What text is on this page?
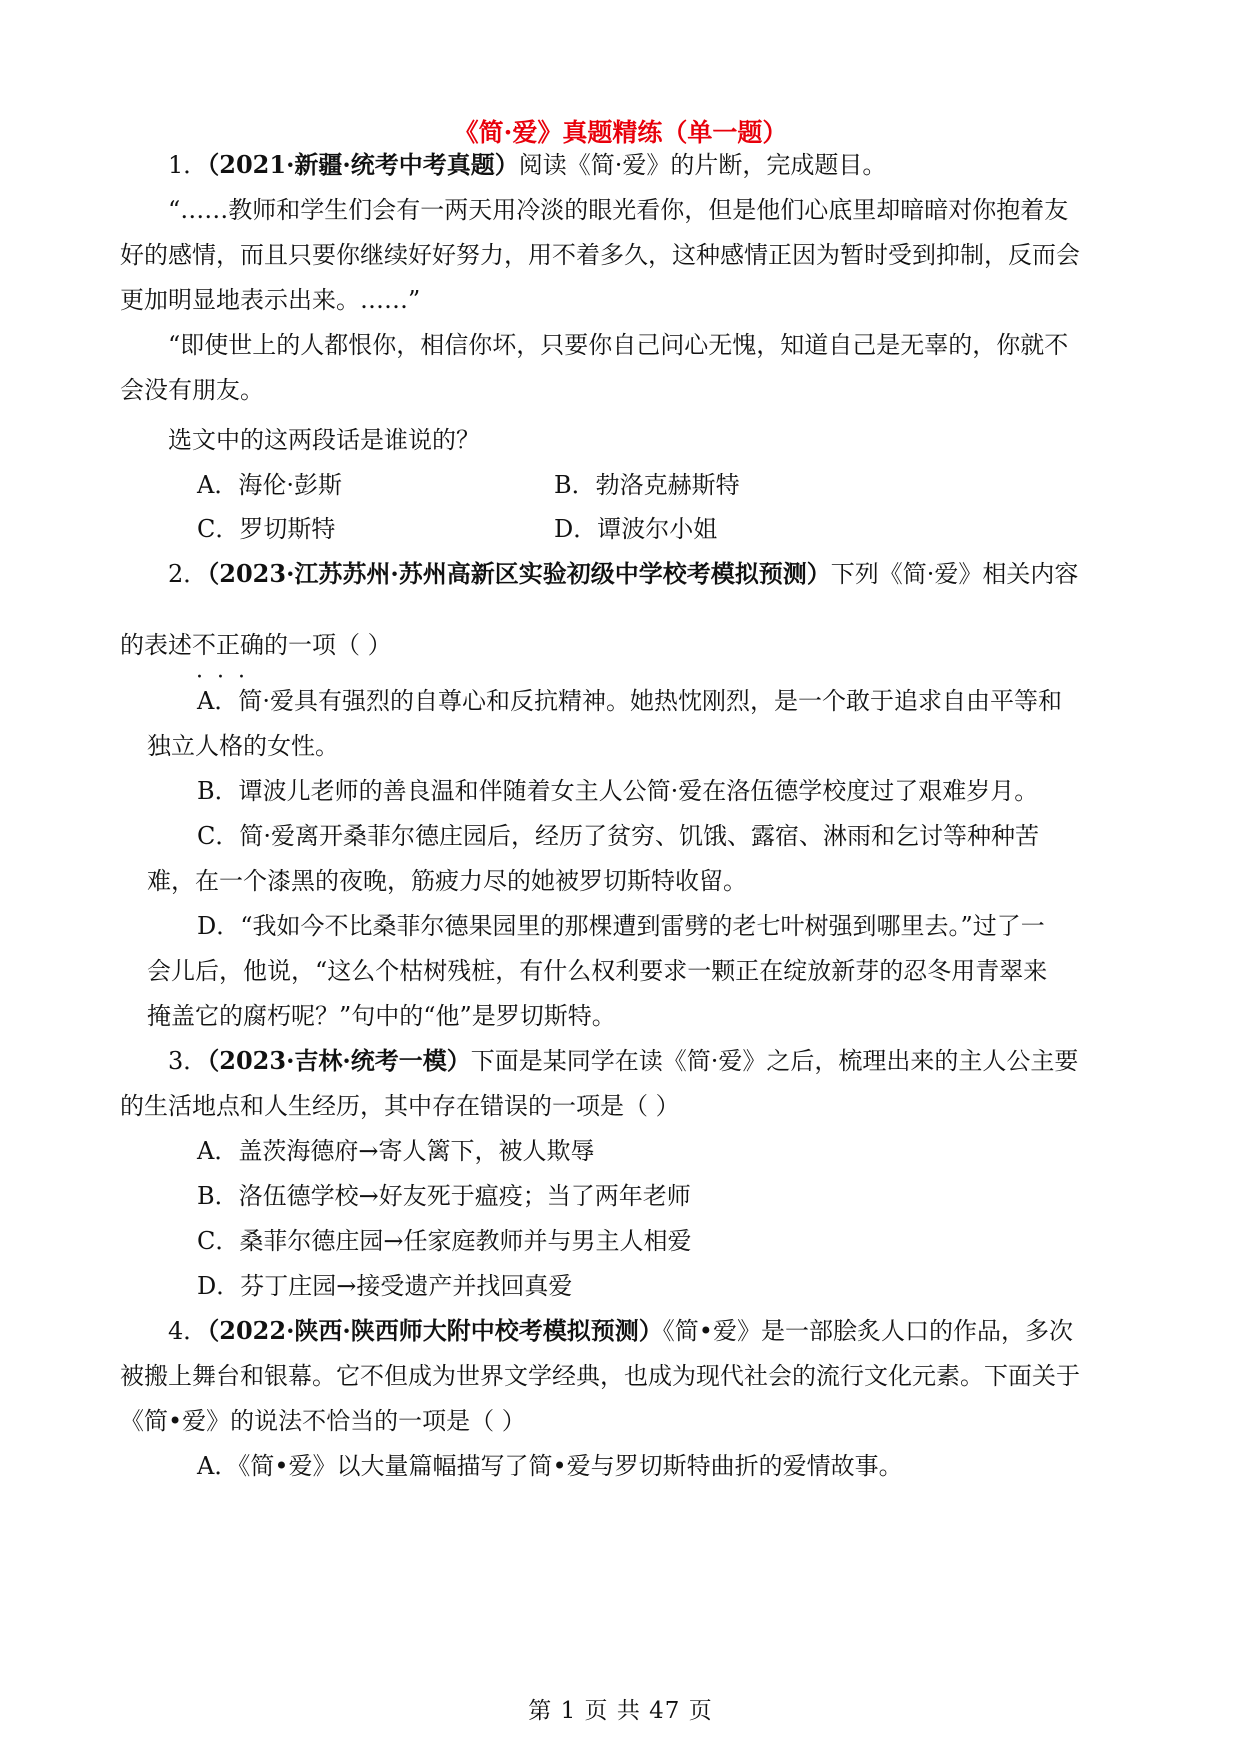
《简·爱》真题精练（单一题）
1．（2021·新疆·统考中考真题）阅读《简·爱》的片断，完成题目。
“……教师和学生们会有一两天用冷淡的眼光看你，但是他们心底里却暗暗对你抱着友
好的感情，而且只要你继续好好努力，用不着多久，这种感情正因为暂时受到抑制，反而会
更加明显地表示出来。……”
“即使世上的人都恨你，相信你坏，只要你自己问心无愧，知道自己是无辜的，你就不
会没有朋友。
选文中的这两段话是谁说的？
A．海伦·彭斯	B．勃洛克赫斯特
C．罗切斯特	D．谭波尔小姐
2．（2023·江苏苏州·苏州高新区实验初级中学校考模拟预测）下列《简·爱》相关内容
···
的表述不正确的一项（ ）
A．简·爱具有强烈的自尊心和反抗精神。她热忱刚烈，是一个敢于追求自由平等和
独立人格的女性。
B．谭波儿老师的善良温和伴随着女主人公简·爱在洛伍德学校度过了艰难岁月。
C．简·爱离开桑菲尔德庄园后，经历了贫穷、饥饿、露宿、淋雨和乞讨等种种苦
难，在一个漆黑的夜晚，筋疲力尽的她被罗切斯特收留。
D．“我如今不比桑菲尔德果园里的那棵遭到雷劈的老七叶树强到哪里去。”过了一
会儿后，他说，“这么个枯树残桩，有什么权利要求一颗正在绽放新芽的忍冬用青翠来
掩盖它的腐朽呢？”句中的“他”是罗切斯特。
3．（2023·吉林·统考一模）下面是某同学在读《简·爱》之后，梳理出来的主人公主要
的生活地点和人生经历，其中存在错误的一项是（ ）
A．盖茨海德府→寄人篱下，被人欺辱
B．洛伍德学校→好友死于瘟疫；当了两年老师
C．桑菲尔德庄园→任家庭教师并与男主人相爱
D．芬丁庄园→接受遗产并找回真爱
4．（2022·陕西·陕西师大附中校考模拟预测）《简•爱》是一部脍炙人口的作品，多次
被搬上舞台和银幕。它不但成为世界文学经典，也成为现代社会的流行文化元素。下面关于
《简•爱》的说法不恰当的一项是（ ）
A．《简•爱》以大量篇幅描写了简•爱与罗切斯特曲折的爱情故事。
第 1 页 共 47 页
